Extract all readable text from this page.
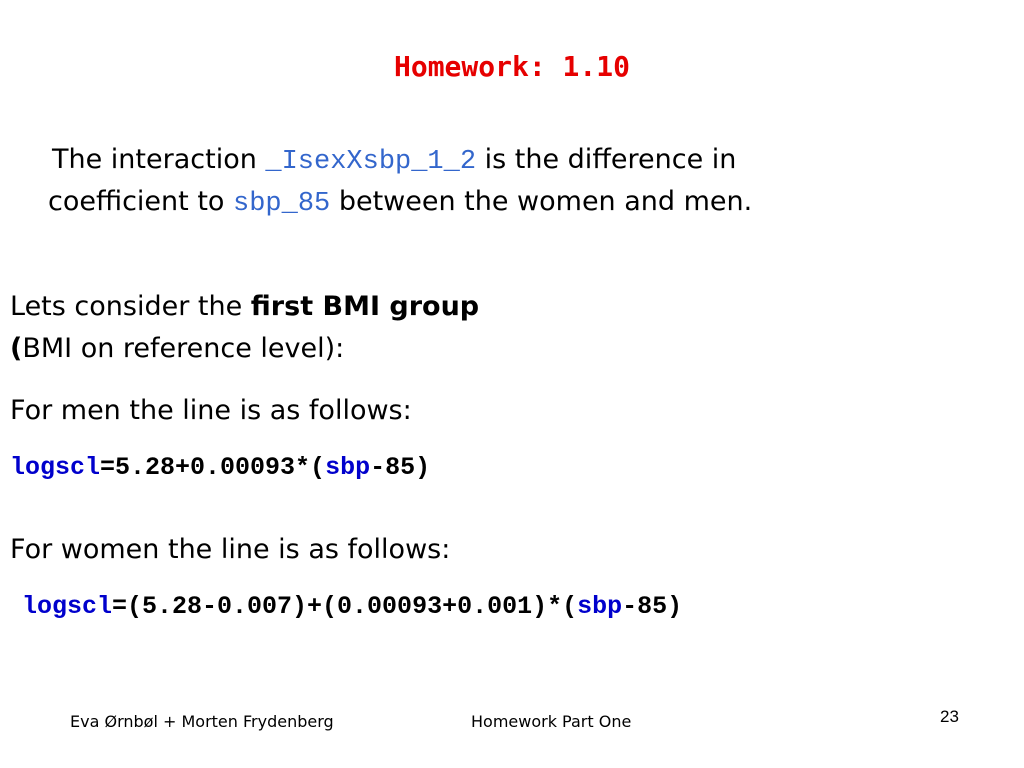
Homework: 1.10
The interaction _IsexXsbp_1_2 is the difference in
coefficient to sbp_85 between the women and men.
Lets consider the first BMI group
(BMI on reference level):
For men the line is as follows:
logscl=5.28+0.00093*(sbp-85)
For women the line is as follows:
logscl=(5.28-0.007)+(0.00093+0.001)*(sbp-85)
Eva Ørnbøl + Morten Frydenberg	Homework Part One	23
